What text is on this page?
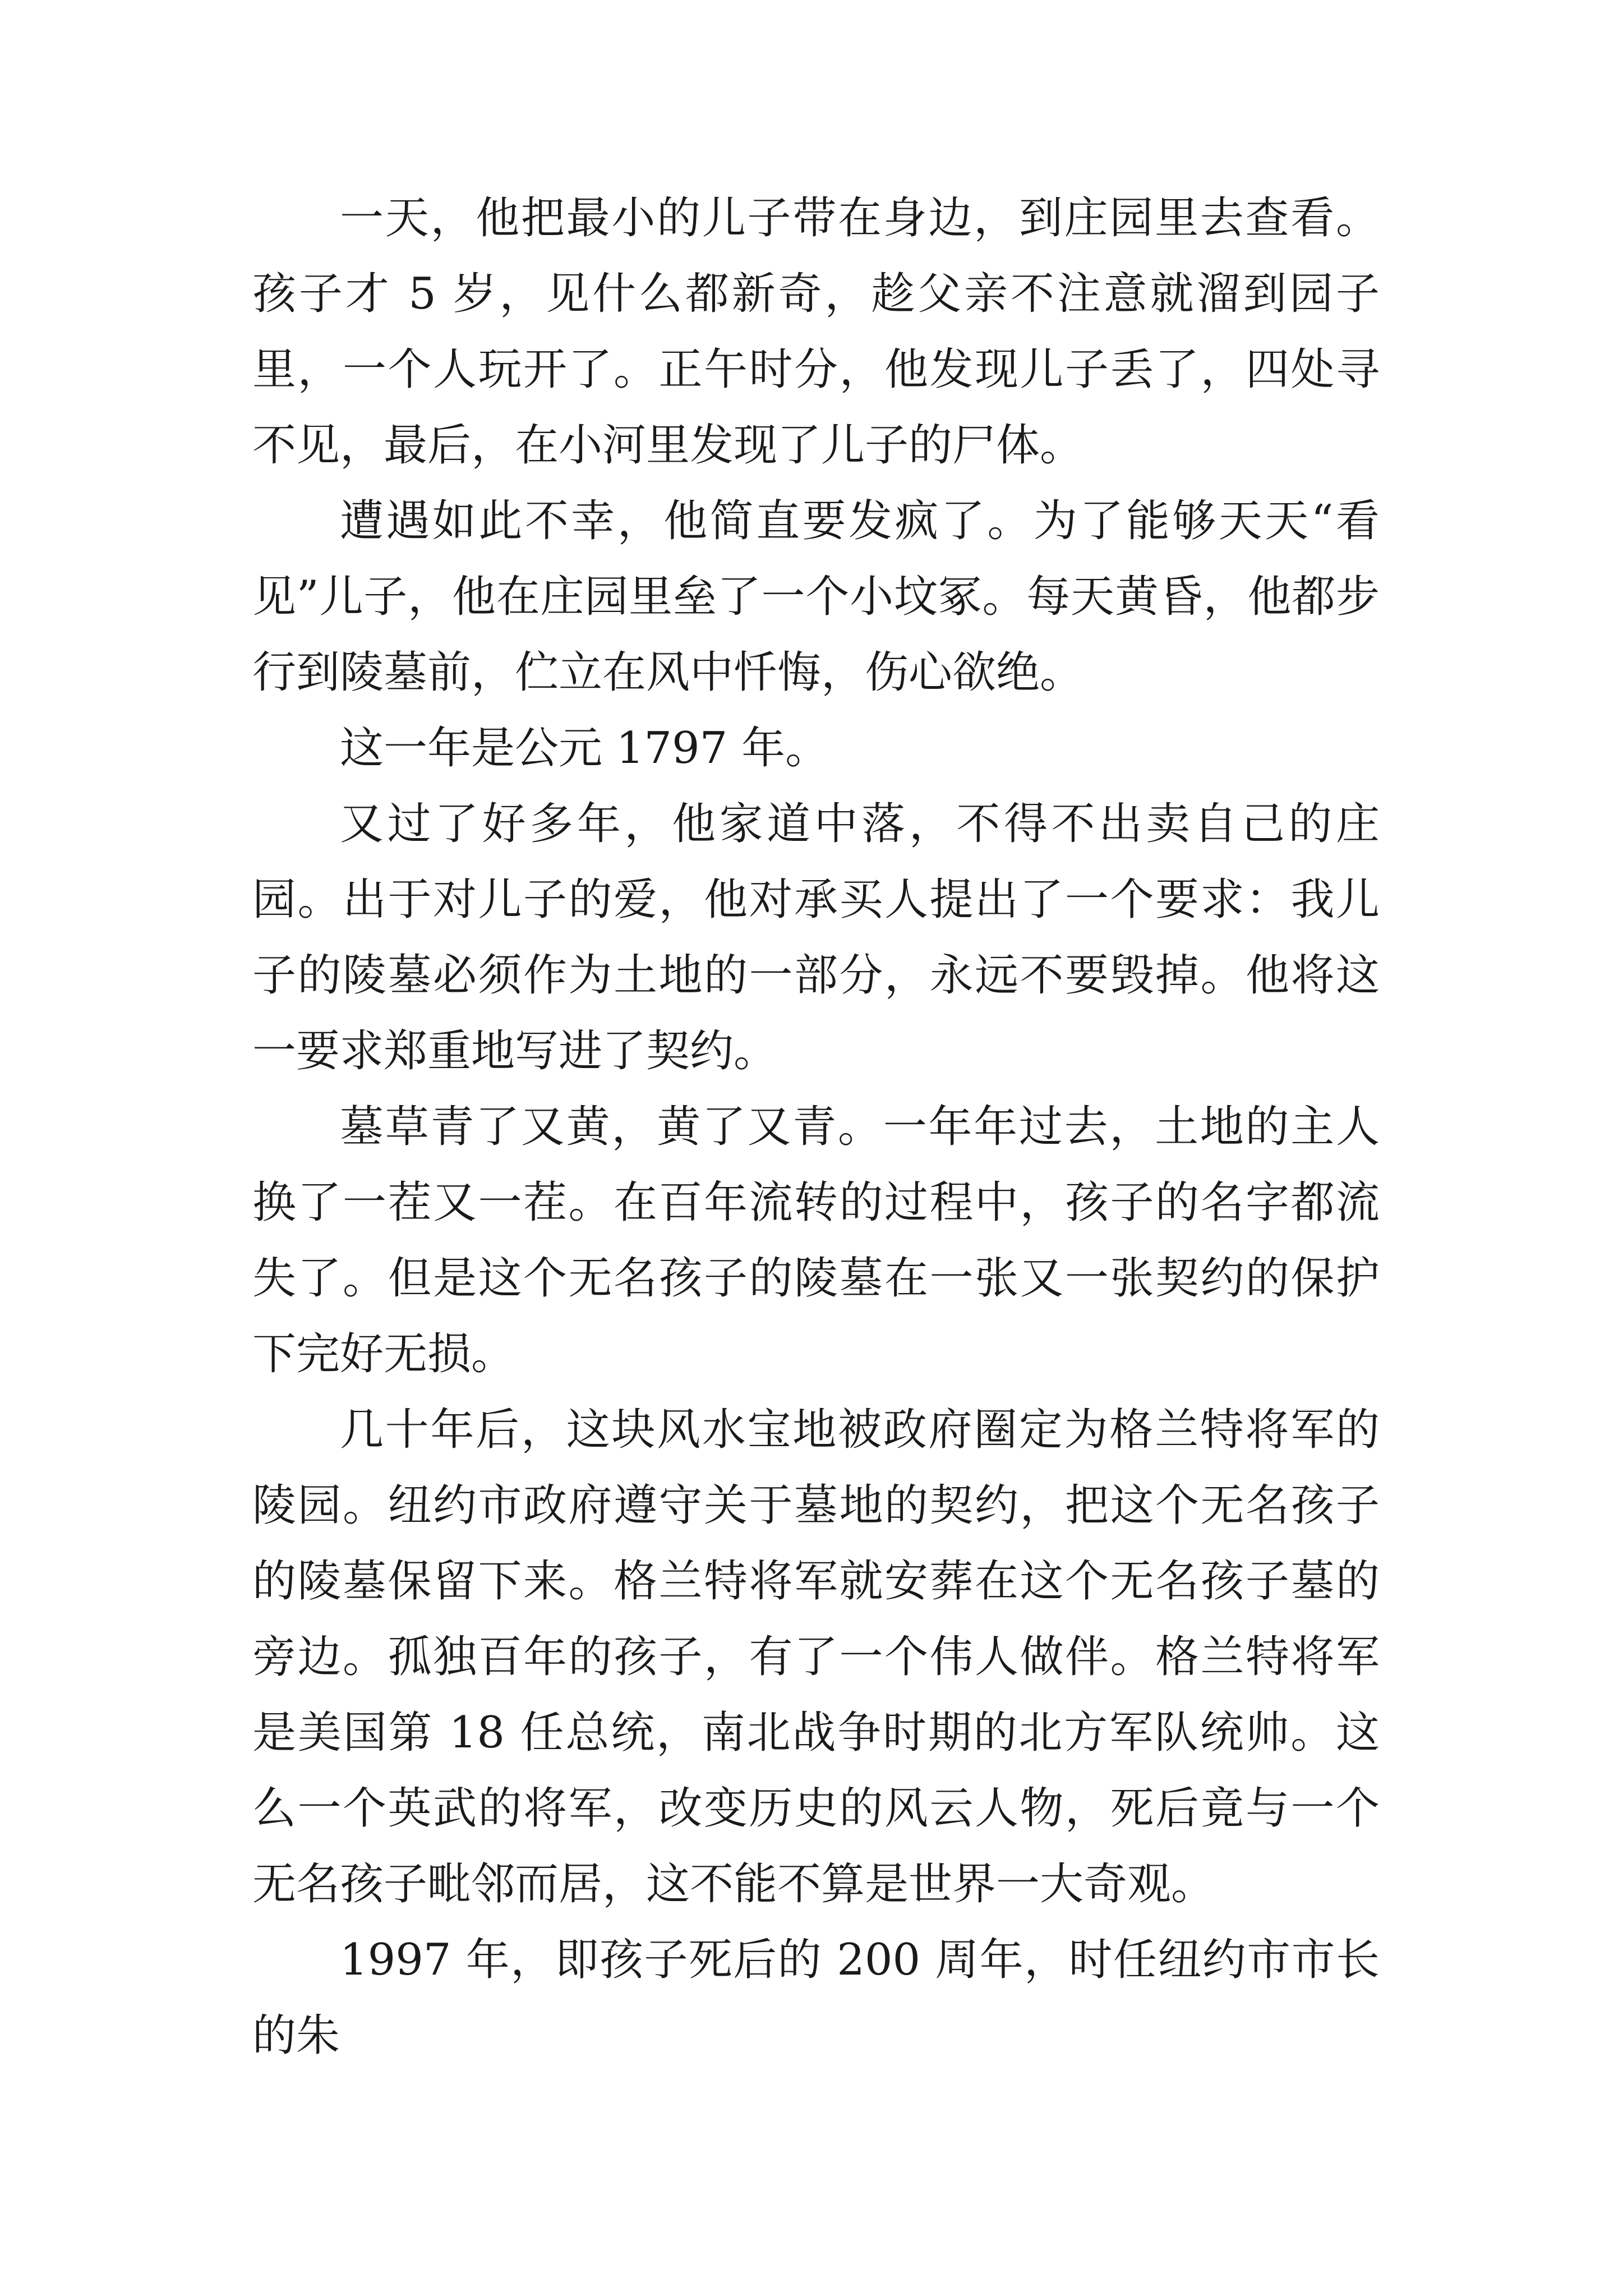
一天，他把最小的儿子带在身边，到庄园里去查看。孩子才 5 岁，见什么都新奇，趁父亲不注意就溜到园子里，一个人玩开了。正午时分，他发现儿子丢了，四处寻不见，最后，在小河里发现了儿子的尸体。

遭遇如此不幸，他简直要发疯了。为了能够天天“看见”儿子，他在庄园里垒了一个小坟冢。每天黄昏，他都步行到陵墓前，伫立在风中忏悔，伤心欲绝。

这一年是公元 1797 年。

又过了好多年，他家道中落，不得不出卖自己的庄园。出于对儿子的爱，他对承买人提出了一个要求：我儿子的陵墓必须作为土地的一部分，永远不要毁掉。他将这一要求郑重地写进了契约。

墓草青了又黄，黄了又青。一年年过去，土地的主人换了一茬又一茬。在百年流转的过程中，孩子的名字都流失了。但是这个无名孩子的陵墓在一张又一张契约的保护下完好无损。

几十年后，这块风水宝地被政府圈定为格兰特将军的陵园。纽约市政府遵守关于墓地的契约，把这个无名孩子的陵墓保留下来。格兰特将军就安葬在这个无名孩子墓的旁边。孤独百年的孩子，有了一个伟人做伴。格兰特将军是美国第 18 任总统，南北战争时期的北方军队统帅。这么一个英武的将军，改变历史的风云人物，死后竟与一个无名孩子毗邻而居，这不能不算是世界一大奇观。

1997 年，即孩子死后的 200 周年，时任纽约市市长的朱
